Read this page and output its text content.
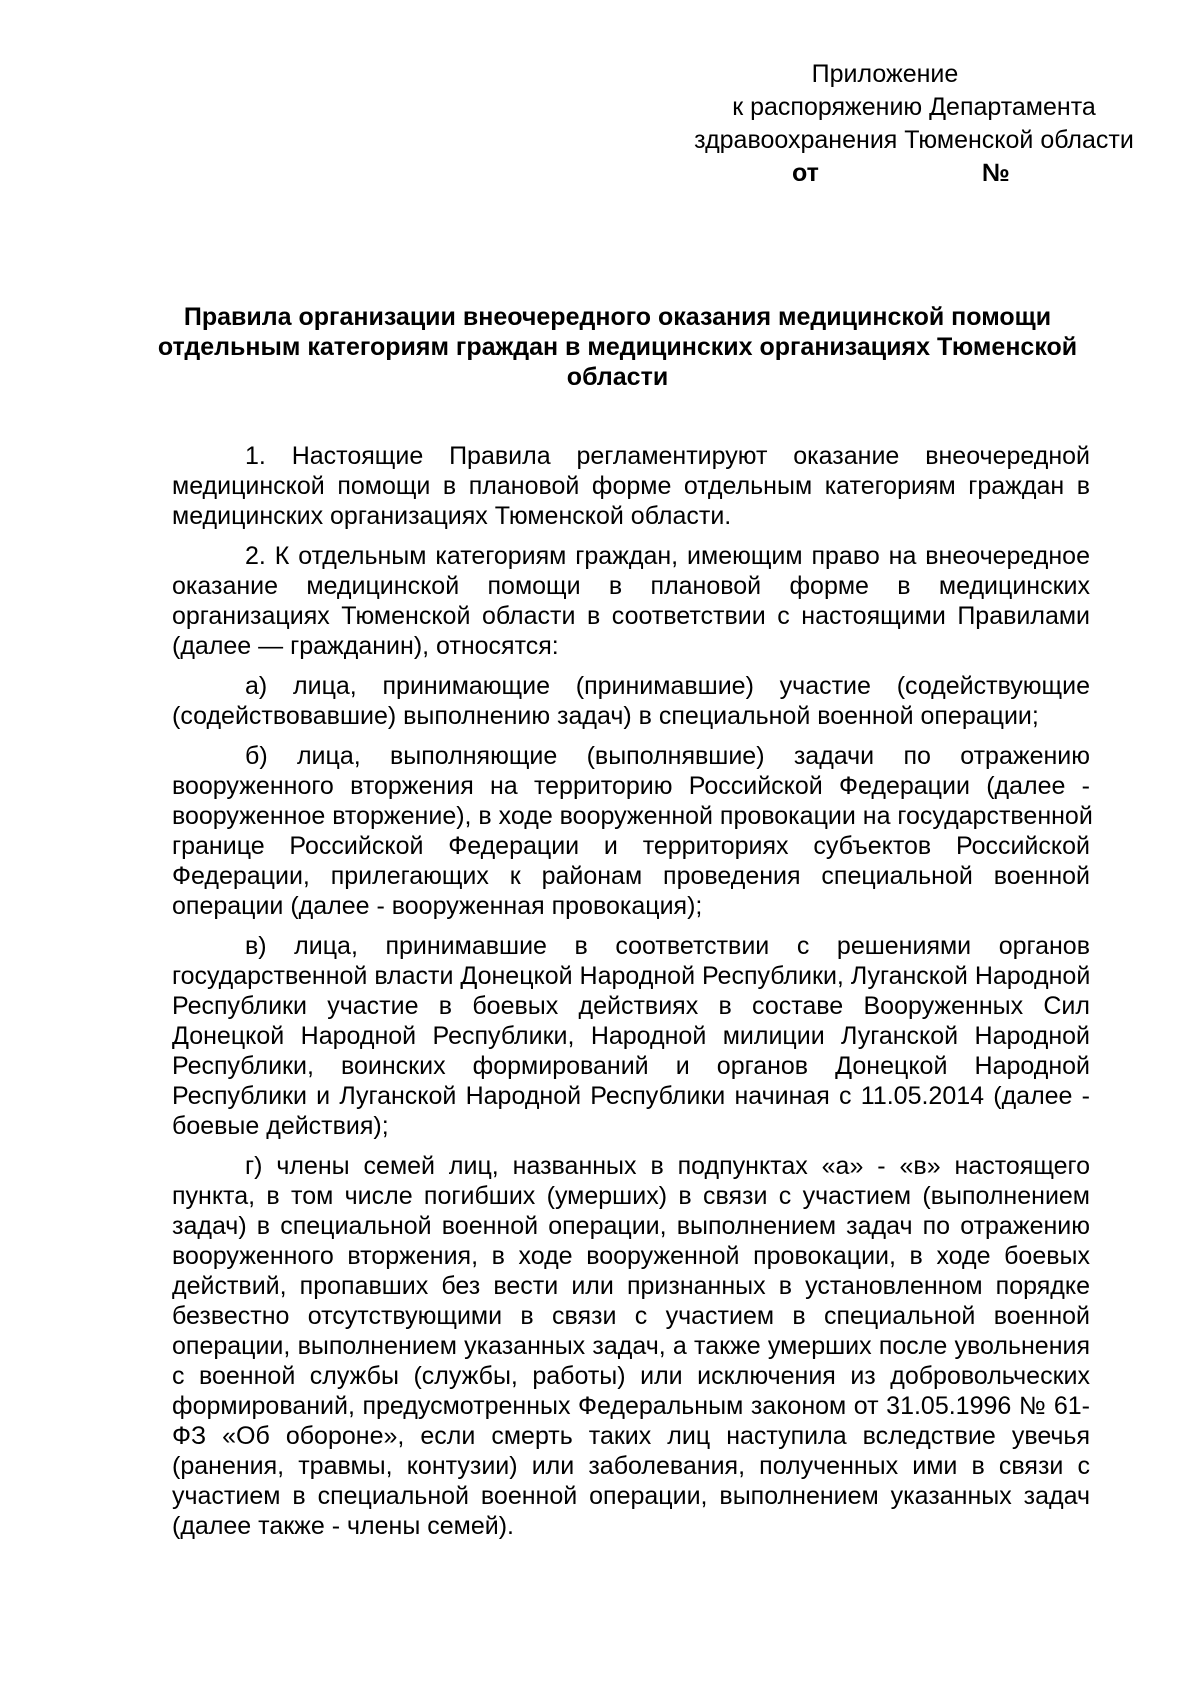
Приложение
к распоряжению Департамента
здравоохранения Тюменской области
от	№
Правила организации внеочередного оказания медицинской помощи
отдельным категориям граждан в медицинских организациях Тюменской
области
1. Настоящие Правила регламентируют оказание внеочередной
медицинской помощи в плановой форме отдельным категориям граждан в
медицинских организациях Тюменской области.
2. К отдельным категориям граждан, имеющим право на внеочередное
оказание медицинской помощи в плановой форме в медицинских
организациях Тюменской области в соответствии с настоящими Правилами
(далее — гражданин), относятся:
а) лица, принимающие (принимавшие) участие (содействующие
(содействовавшие) выполнению задач) в специальной военной операции;
б) лица, выполняющие (выполнявшие) задачи по отражению
вооруженного вторжения на территорию Российской Федерации (далее -
вооруженное вторжение), в ходе вооруженной провокации на государственной
границе Российской Федерации и территориях субъектов Российской
Федерации, прилегающих к районам проведения специальной военной
операции (далее - вооруженная провокация);
в) лица, принимавшие в соответствии с решениями органов
государственной власти Донецкой Народной Республики, Луганской Народной
Республики участие в боевых действиях в составе Вооруженных Сил
Донецкой Народной Республики, Народной милиции Луганской Народной
Республики, воинских формирований и органов Донецкой Народной
Республики и Луганской Народной Республики начиная с 11.05.2014 (далее -
боевые действия);
г) члены семей лиц, названных в подпунктах «а» - «в» настоящего
пункта, в том числе погибших (умерших) в связи с участием (выполнением
задач) в специальной военной операции, выполнением задач по отражению
вооруженного вторжения, в ходе вооруженной провокации, в ходе боевых
действий, пропавших без вести или признанных в установленном порядке
безвестно отсутствующими в связи с участием в специальной военной
операции, выполнением указанных задач, а также умерших после увольнения
с военной службы (службы, работы) или исключения из добровольческих
формирований, предусмотренных Федеральным законом от 31.05.1996 № 61-
ФЗ «Об обороне», если смерть таких лиц наступила вследствие увечья
(ранения, травмы, контузии) или заболевания, полученных ими в связи с
участием в специальной военной операции, выполнением указанных задач
(далее также - члены семей).
